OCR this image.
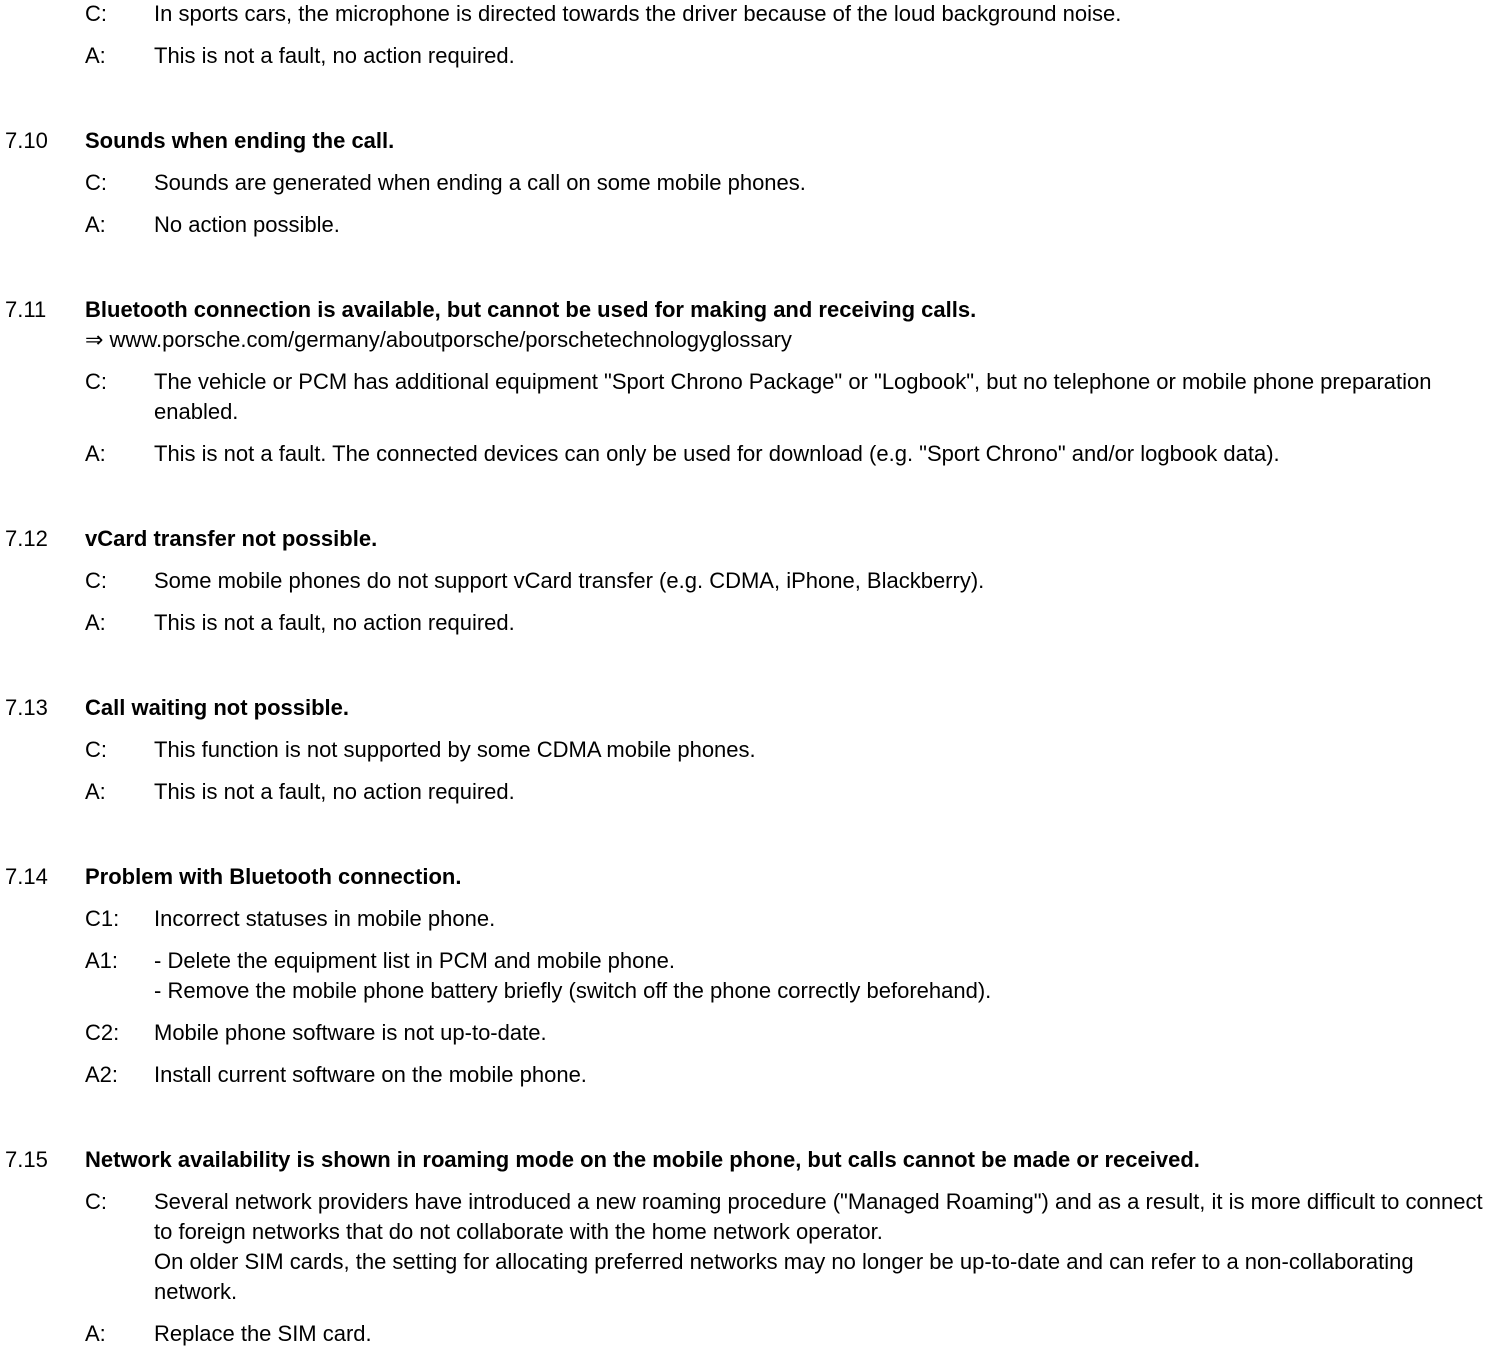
C:	In sports cars, the microphone is directed towards the driver because of the loud background noise.
A:	This is not a fault, no action required.
7.10	Sounds when ending the call.
C:	Sounds are generated when ending a call on some mobile phones.
A:	No action possible.
7.11	Bluetooth connection is available, but cannot be used for making and receiving calls.
⇒ www.porsche.com/germany/aboutporsche/porschetechnologyglossary
C:	The vehicle or PCM has additional equipment "Sport Chrono Package" or "Logbook", but no telephone or mobile phone preparation enabled.
A:	This is not a fault. The connected devices can only be used for download (e.g. "Sport Chrono" and/or logbook data).
7.12	vCard transfer not possible.
C:	Some mobile phones do not support vCard transfer (e.g. CDMA, iPhone, Blackberry).
A:	This is not a fault, no action required.
7.13	Call waiting not possible.
C:	This function is not supported by some CDMA mobile phones.
A:	This is not a fault, no action required.
7.14	Problem with Bluetooth connection.
C1:	Incorrect statuses in mobile phone.
A1:	- Delete the equipment list in PCM and mobile phone.
- Remove the mobile phone battery briefly (switch off the phone correctly beforehand).
C2:	Mobile phone software is not up-to-date.
A2:	Install current software on the mobile phone.
7.15	Network availability is shown in roaming mode on the mobile phone, but calls cannot be made or received.
C:	Several network providers have introduced a new roaming procedure ("Managed Roaming") and as a result, it is more difficult to connect to foreign networks that do not collaborate with the home network operator.
On older SIM cards, the setting for allocating preferred networks may no longer be up-to-date and can refer to a non-collaborating network.
A:	Replace the SIM card.
